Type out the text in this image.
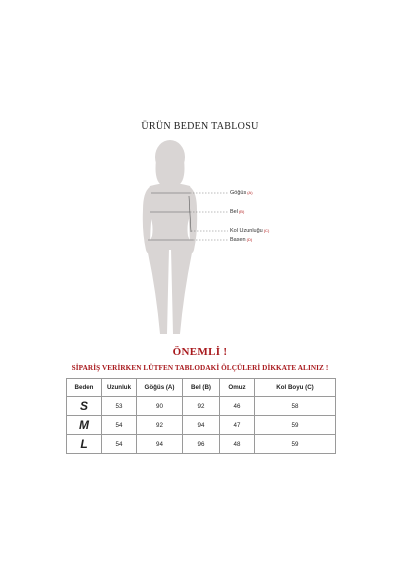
ÜRÜN BEDEN TABLOSU
Göğüs(A)
Bel(B)
Kol Uzunluğu(C)
Basen(D)
ÖNEMLİ !
SİPARİŞ VERİRKEN LÜTFEN TABLODAKİ ÖLÇÜLERİ DİKKATE ALINIZ !
Beden	Uzunluk	Göğüs (A)	Bel (B)	Omuz	Kol Boyu (C)
S	53	90	92	46	58
M	54	92	94	47	59
L	54	94	96	48	59
